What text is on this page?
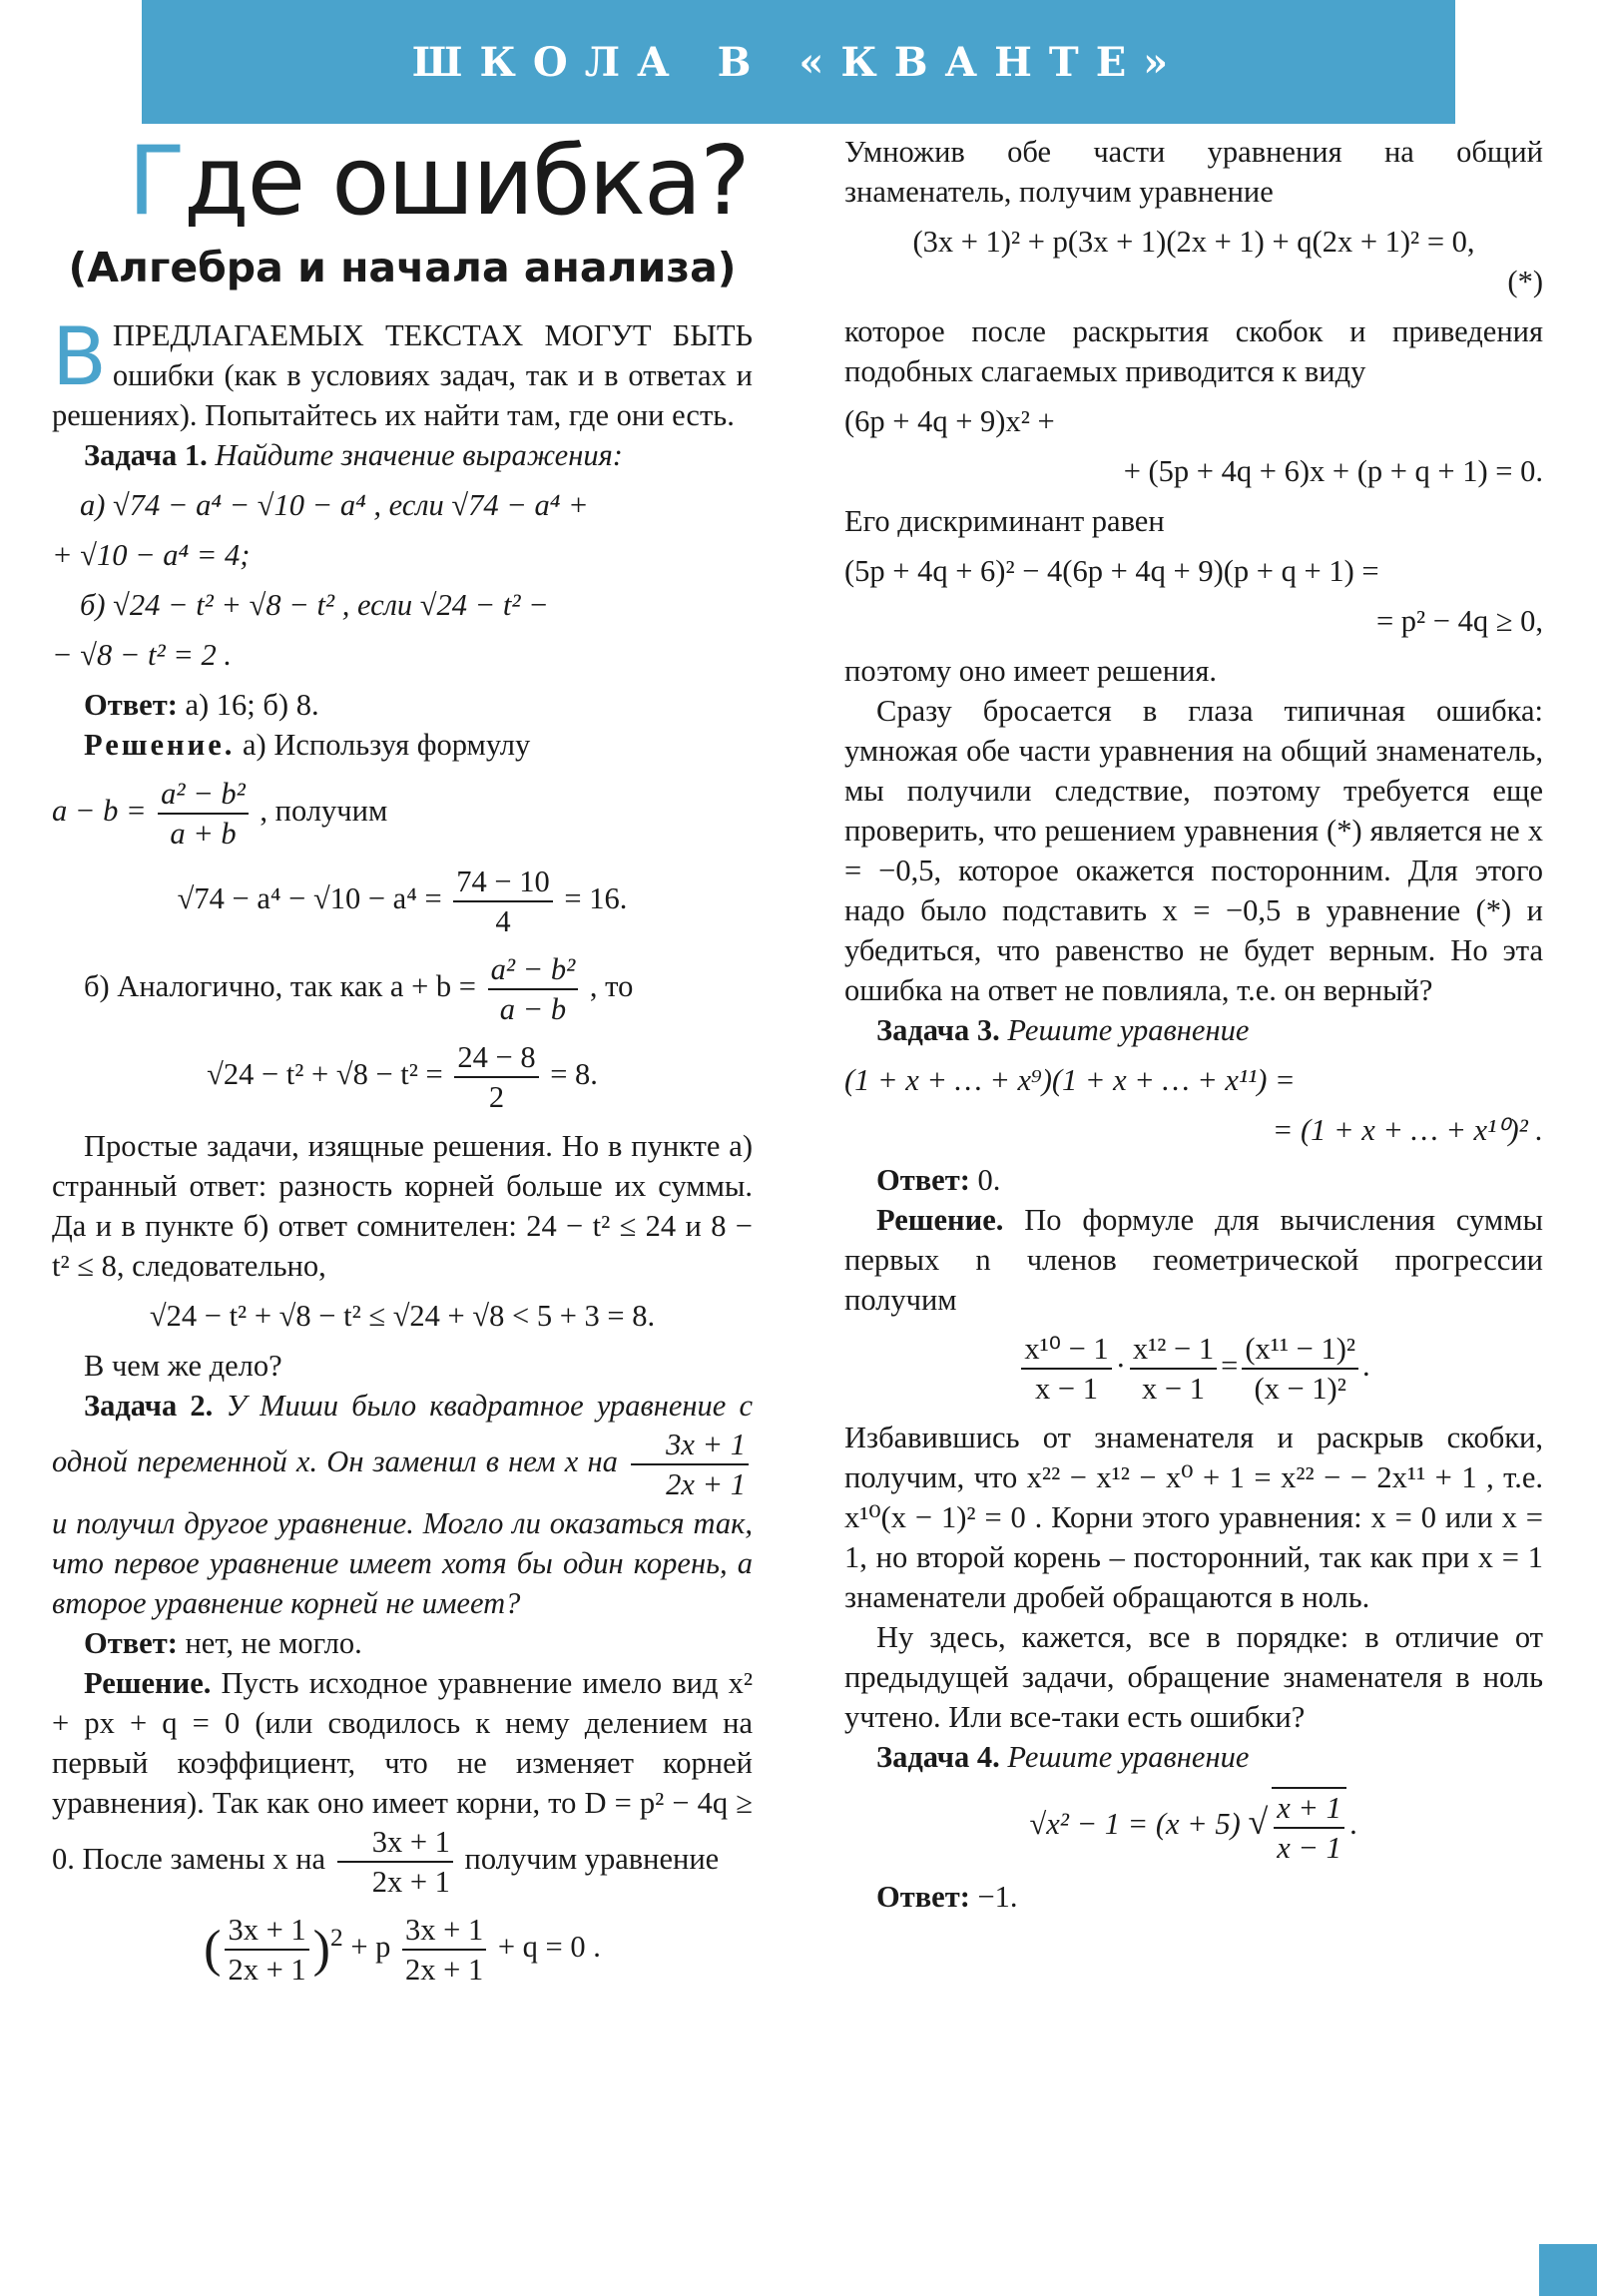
ШКОЛА В «КВАНТЕ»
Где ошибка?
(Алгебра и начала анализа)

ВПРЕДЛАГАЕМЫХ ТЕКСТАХ МОГУТ БЫТЬ ошибки (как в условиях задач, так и в ответах и решениях). Попытайтесь их найти там, где они есть.

Задача 1. Найдите значение выражения:

а) √74 − a⁴ − √10 − a⁴ , если √74 − a⁴ +
+ √10 − a⁴ = 4;
б) √24 − t² + √8 − t² , если √24 − t² −
− √8 − t² = 2 .

Ответ: а) 16; б) 8.

Решение. а) Используя формулу

$a - b = \frac{\text{a² − b²}}{a + b}$ , получим
$√74 - a^4 - √10 - a^4 = \frac{74 - 10}{4} = 16$.
б) Аналогично, так как $a + b = \frac{\text{a² − b²}}{a - b}$ , то
$√24 - t^2 + √8 - t^2 = \frac{24 - 8}{2} = 8$.

Простые задачи, изящные решения. Но в пункте а) странный ответ: разность корней больше их суммы. Да и в пункте б) ответ сомнителен: 24 − t² ≤ 24 и 8 − t² ≤ 8, следовательно,

√24 − t² + √8 − t² ≤ √24 + √8 < 5 + 3 = 8.

В чем же дело?

Задача 2. У Миши было квадратное уравнение с одной переменной x. Он заменил в нем x на $\frac{3x + 1}{2x + 1}$
и получил другое уравнение. Могло ли оказаться так, что первое уравнение имеет хотя бы один корень, а второе уравнение корней не имеет?

Ответ: нет, не могло.

Решение. Пусть исходное уравнение имело вид x² + px + q = 0 (или сводилось к нему делением на первый коэффициент, что не изменяет корней уравнения). Так как оно имеет корни, то D = p² − 4q ≥ 0. После замены x на $\frac{3x + 1}{2x + 1}$ получим уравнение

( $\frac{3x + 1}{2x + 1} )^2 + p \frac{3x + 1}{2x + 1} + q = 0$ .

Умножив обе части уравнения на общий знаменатель, получим уравнение

(3x + 1)² + p(3x + 1)(2x + 1) + q(2x + 1)² = 0,
(*)

которое после раскрытия скобок и приведения подобных слагаемых приводится к виду

(6p + 4q + 9)x² +
+ (5p + 4q + 6)x + (p + q + 1) = 0.

Его дискриминант равен

(5p + 4q + 6)² − 4(6p + 4q + 9)(p + q + 1) =
= p² − 4q ≥ 0,

поэтому оно имеет решения.

Сразу бросается в глаза типичная ошибка: умножая обе части уравнения на общий знаменатель, мы получили следствие, поэтому требуется еще проверить, что решением уравнения (*) является не x = −0,5, которое окажется посторонним. Для этого надо было подставить x = −0,5 в уравнение (*) и убедиться, что равенство не будет верным. Но эта ошибка на ответ не повлияла, т.е. он верный?

Задача 3. Решите уравнение

(1 + x + … + x⁹)(1 + x + … + x¹¹) =
= (1 + x + … + x¹⁰)² .

Ответ: 0.

Решение. По формуле для вычисления суммы первых n членов геометрической прогрессии получим

$\frac{\text{x¹⁰ − 1}}{x - 1} \cdot \frac{\text{x¹² − 1}}{x - 1} = \frac{\text{(x¹¹ − 1)²}}{\text{(x − 1)²}}$ .

Избавившись от знаменателя и раскрыв скобки, получим, что x²² − x¹² − x⁰ + 1 = x²² − − 2x¹¹ + 1 , т.е. x¹⁰(x − 1)² = 0 . Корни этого уравнения: x = 0 или x = 1, но второй корень – посторонний, так как при x = 1 знаменатели дробей обращаются в ноль.

Ну здесь, кажется, все в порядке: в отличие от предыдущей задачи, обращение знаменателя в ноль учтено. Или все-таки есть ошибки?

Задача 4. Решите уравнение

√x² − 1 = (x + 5) √ $\frac{x + 1}{x - 1}$ .

Ответ: −1.
